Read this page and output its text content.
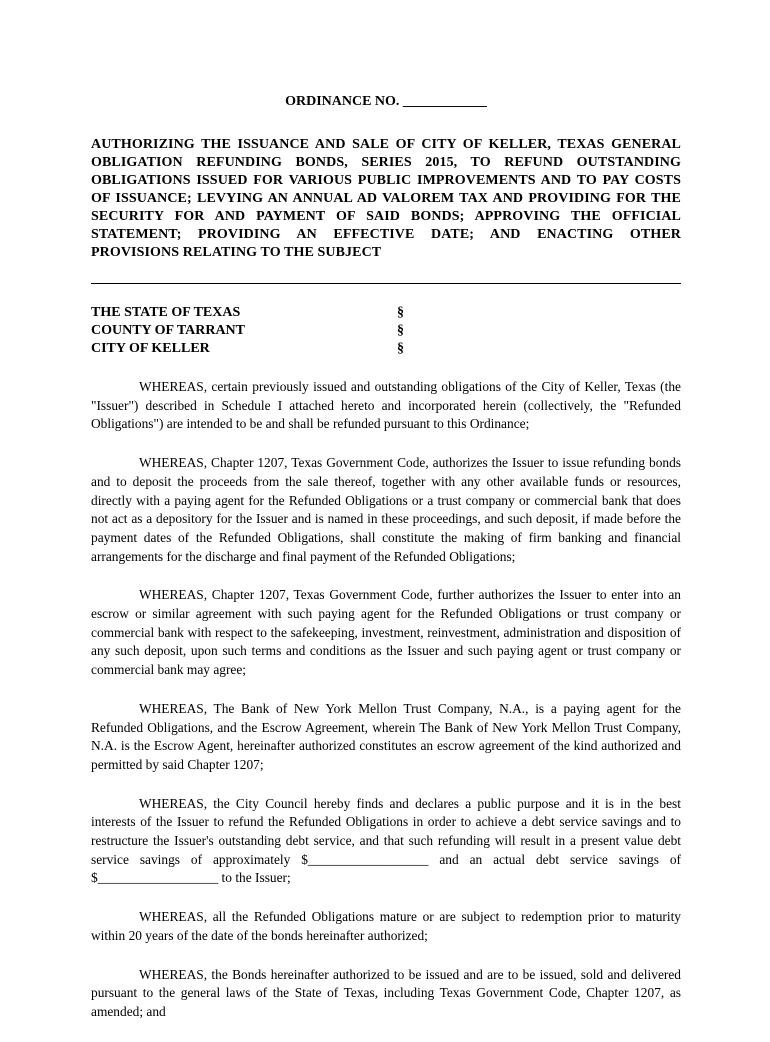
ORDINANCE NO. ____________

AUTHORIZING THE ISSUANCE AND SALE OF CITY OF KELLER, TEXAS GENERAL OBLIGATION REFUNDING BONDS, SERIES 2015, TO REFUND OUTSTANDING OBLIGATIONS ISSUED FOR VARIOUS PUBLIC IMPROVEMENTS AND TO PAY COSTS OF ISSUANCE; LEVYING AN ANNUAL AD VALOREM TAX AND PROVIDING FOR THE SECURITY FOR AND PAYMENT OF SAID BONDS; APPROVING THE OFFICIAL STATEMENT; PROVIDING AN EFFECTIVE DATE; AND ENACTING OTHER PROVISIONS RELATING TO THE SUBJECT

THE STATE OF TEXAS	§
COUNTY OF TARRANT	§
CITY OF KELLER	§

WHEREAS, certain previously issued and outstanding obligations of the City of Keller, Texas (the "Issuer") described in Schedule I attached hereto and incorporated herein (collectively, the "Refunded Obligations") are intended to be and shall be refunded pursuant to this Ordinance;

WHEREAS, Chapter 1207, Texas Government Code, authorizes the Issuer to issue refunding bonds and to deposit the proceeds from the sale thereof, together with any other available funds or resources, directly with a paying agent for the Refunded Obligations or a trust company or commercial bank that does not act as a depository for the Issuer and is named in these proceedings, and such deposit, if made before the payment dates of the Refunded Obligations, shall constitute the making of firm banking and financial arrangements for the discharge and final payment of the Refunded Obligations;

WHEREAS, Chapter 1207, Texas Government Code, further authorizes the Issuer to enter into an escrow or similar agreement with such paying agent for the Refunded Obligations or trust company or commercial bank with respect to the safekeeping, investment, reinvestment, administration and disposition of any such deposit, upon such terms and conditions as the Issuer and such paying agent or trust company or commercial bank may agree;

WHEREAS, The Bank of New York Mellon Trust Company, N.A., is a paying agent for the Refunded Obligations, and the Escrow Agreement, wherein The Bank of New York Mellon Trust Company, N.A. is the Escrow Agent, hereinafter authorized constitutes an escrow agreement of the kind authorized and permitted by said Chapter 1207;

WHEREAS, the City Council hereby finds and declares a public purpose and it is in the best interests of the Issuer to refund the Refunded Obligations in order to achieve a debt service savings and to restructure the Issuer's outstanding debt service, and that such refunding will result in a present value debt service savings of approximately $__________________ and an actual debt service savings of $__________________ to the Issuer;

WHEREAS, all the Refunded Obligations mature or are subject to redemption prior to maturity within 20 years of the date of the bonds hereinafter authorized;

WHEREAS, the Bonds hereinafter authorized to be issued and are to be issued, sold and delivered pursuant to the general laws of the State of Texas, including Texas Government Code, Chapter 1207, as amended; and
